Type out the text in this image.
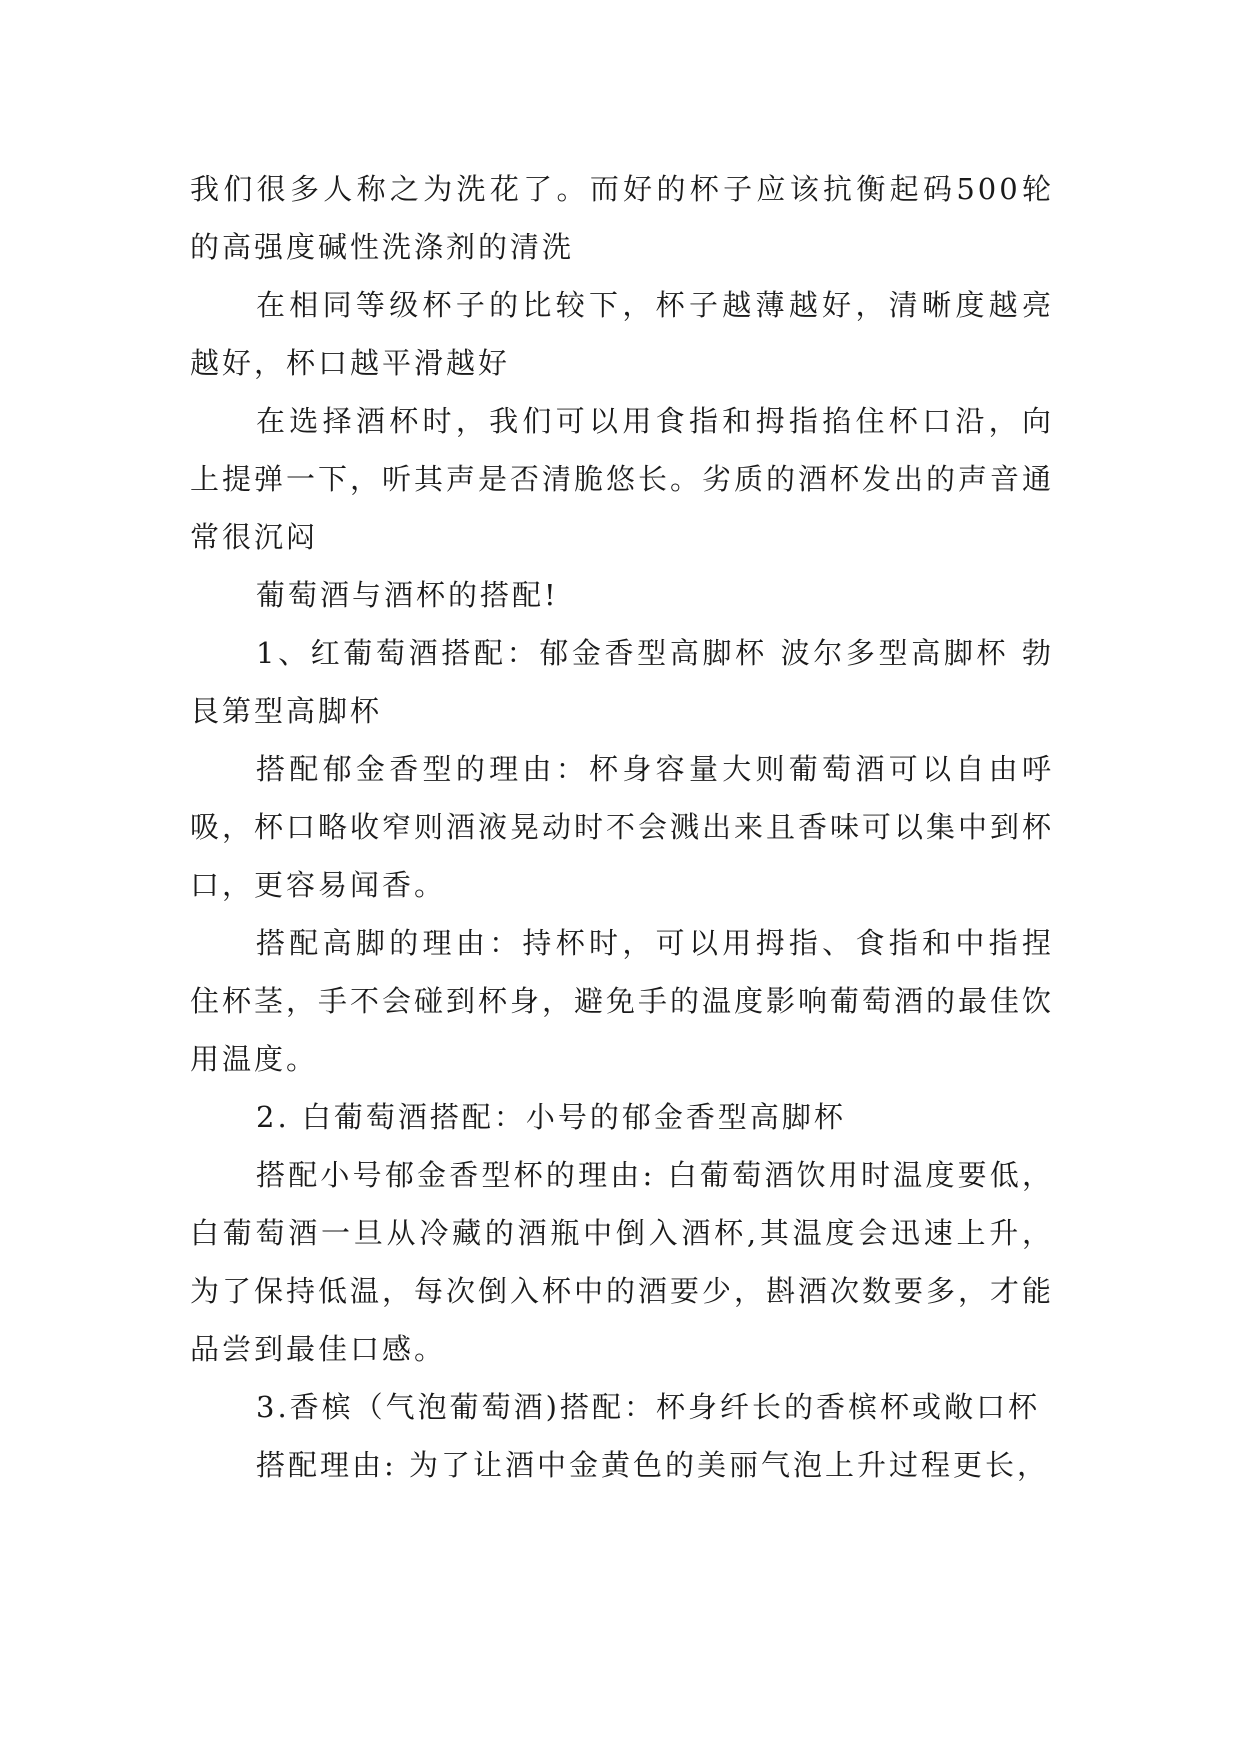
我们很多人称之为洗花了。而好的杯子应该抗衡起码500轮的高强度碱性洗涤剂的清洗

在相同等级杯子的比较下，杯子越薄越好，清晰度越亮越好，杯口越平滑越好

在选择酒杯时，我们可以用食指和拇指掐住杯口沿，向上提弹一下，听其声是否清脆悠长。劣质的酒杯发出的声音通常很沉闷

葡萄酒与酒杯的搭配!

1、红葡萄酒搭配：郁金香型高脚杯 波尔多型高脚杯 勃艮第型高脚杯

搭配郁金香型的理由：杯身容量大则葡萄酒可以自由呼吸，杯口略收窄则酒液晃动时不会溅出来且香味可以集中到杯口，更容易闻香。

搭配高脚的理由：持杯时，可以用拇指、食指和中指捏住杯茎，手不会碰到杯身，避免手的温度影响葡萄酒的最佳饮用温度。

2. 白葡萄酒搭配：小号的郁金香型高脚杯

搭配小号郁金香型杯的理由: 白葡萄酒饮用时温度要低，白葡萄酒一旦从冷藏的酒瓶中倒入酒杯,其温度会迅速上升，为了保持低温，每次倒入杯中的酒要少，斟酒次数要多，才能品尝到最佳口感。

3.香槟（气泡葡萄酒)搭配：杯身纤长的香槟杯或敞口杯

搭配理由: 为了让酒中金黄色的美丽气泡上升过程更长，
